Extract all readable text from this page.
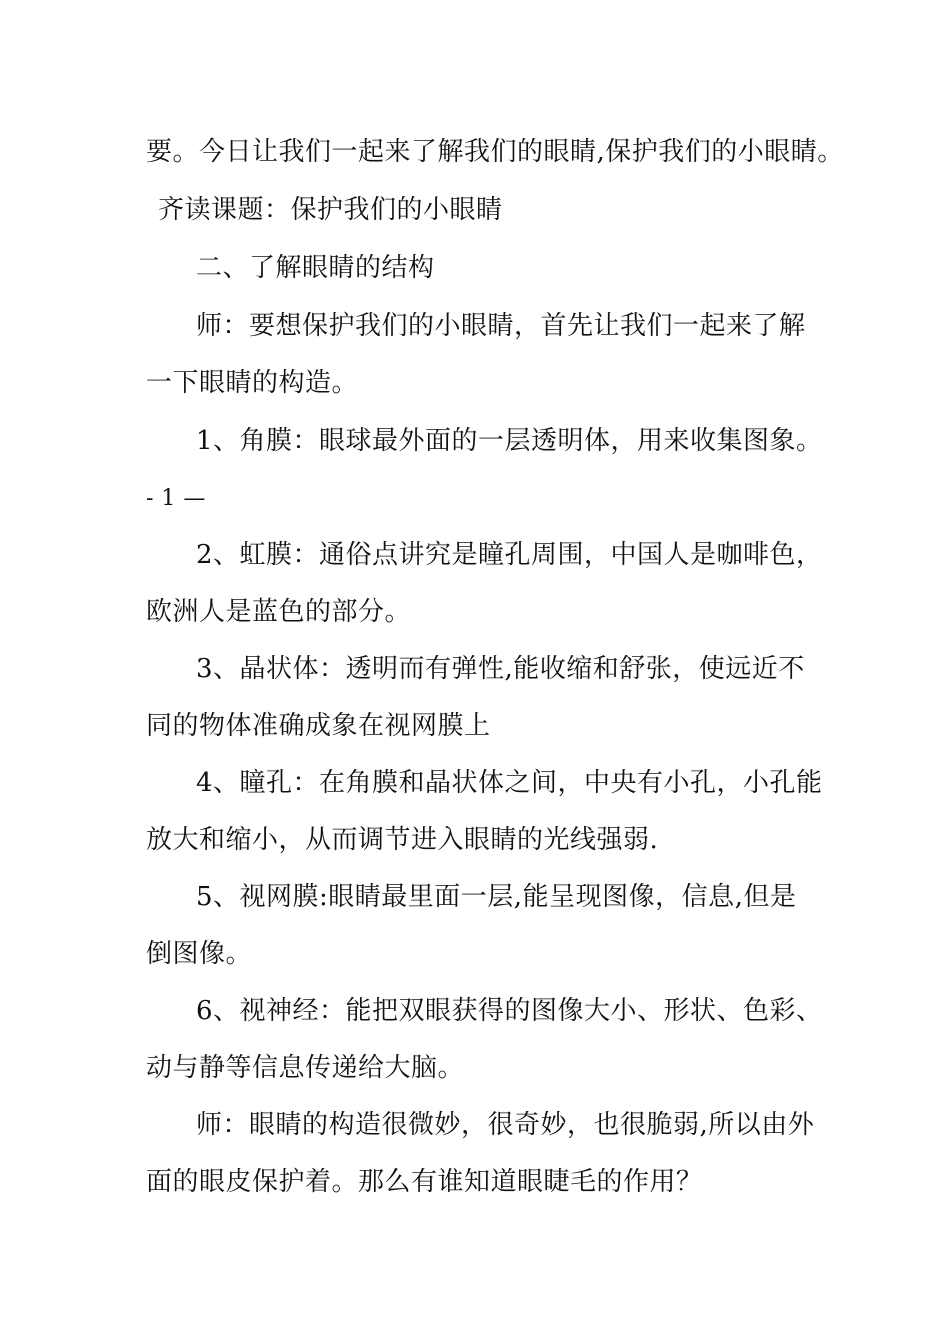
要。今日让我们一起来了解我们的眼睛,保护我们的小眼睛。
齐读课题：保护我们的小眼睛
二、了解眼睛的结构
师：要想保护我们的小眼睛，首先让我们一起来了解
一下眼睛的构造。
1、角膜：眼球最外面的一层透明体，用来收集图象。
- 1 —
2、虹膜：通俗点讲究是瞳孔周围，中国人是咖啡色，
欧洲人是蓝色的部分。
3、晶状体：透明而有弹性,能收缩和舒张，使远近不
同的物体准确成象在视网膜上
4、瞳孔：在角膜和晶状体之间，中央有小孔，小孔能
放大和缩小，从而调节进入眼睛的光线强弱.
5、视网膜:眼睛最里面一层,能呈现图像，信息,但是
倒图像。
6、视神经：能把双眼获得的图像大小、形状、色彩、
动与静等信息传递给大脑。
师：眼睛的构造很微妙，很奇妙，也很脆弱,所以由外
面的眼皮保护着。那么有谁知道眼睫毛的作用？
